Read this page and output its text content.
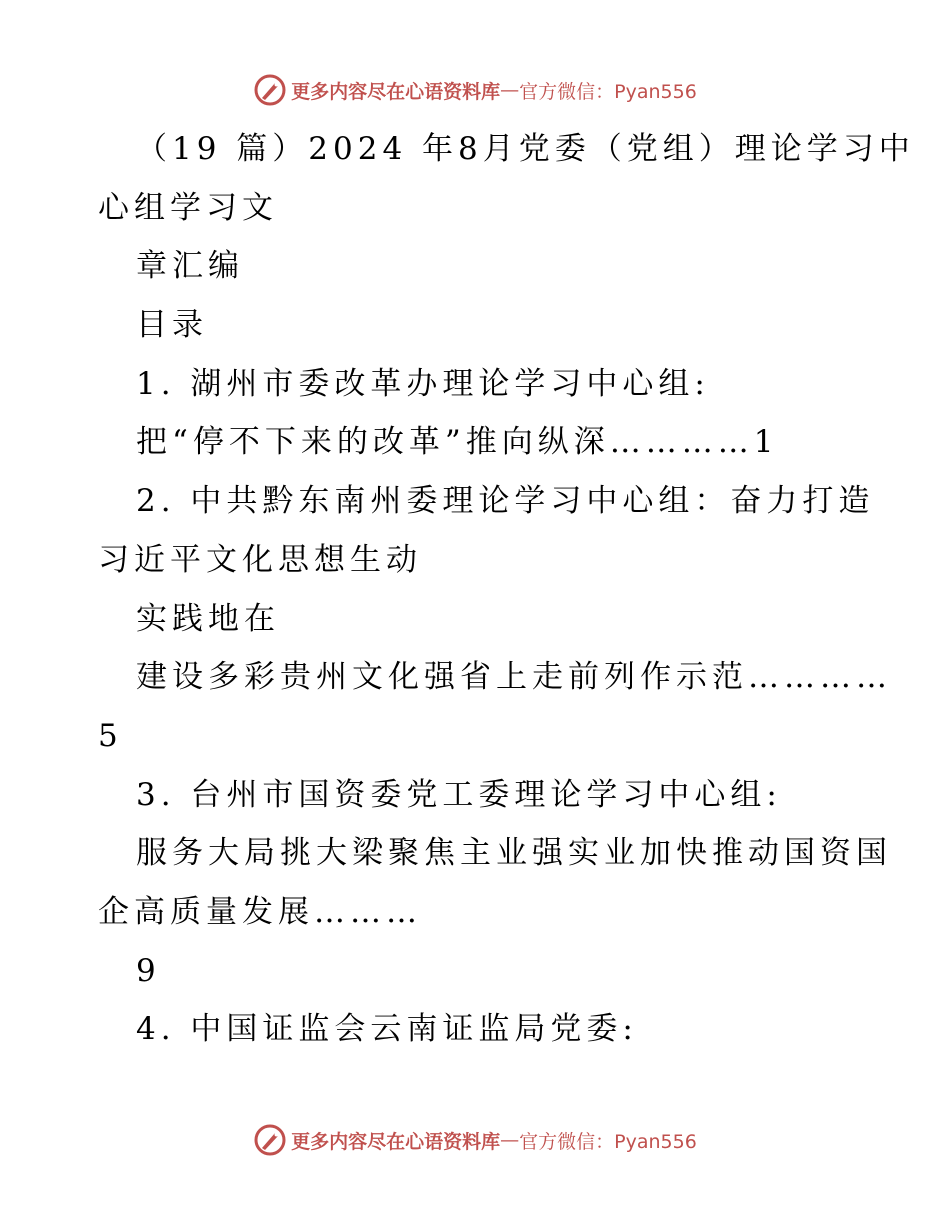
更多内容尽在心语资料库 — 官方微信：Pyan556
（19 篇）2024 年8月党委（党组）理论学习中
心组学习文
章汇编
目录
1. 湖州市委改革办理论学习中心组:
把“停不下来的改革”推向纵深…………1
2. 中共黔东南州委理论学习中心组：奋力打造
习近平文化思想生动
实践地在
建设多彩贵州文化强省上走前列作示范…………
5
3. 台州市国资委党工委理论学习中心组:
服务大局挑大梁聚焦主业强实业加快推动国资国
企高质量发展………
9
4. 中国证监会云南证监局党委:
更多内容尽在心语资料库 — 官方微信：Pyan556
